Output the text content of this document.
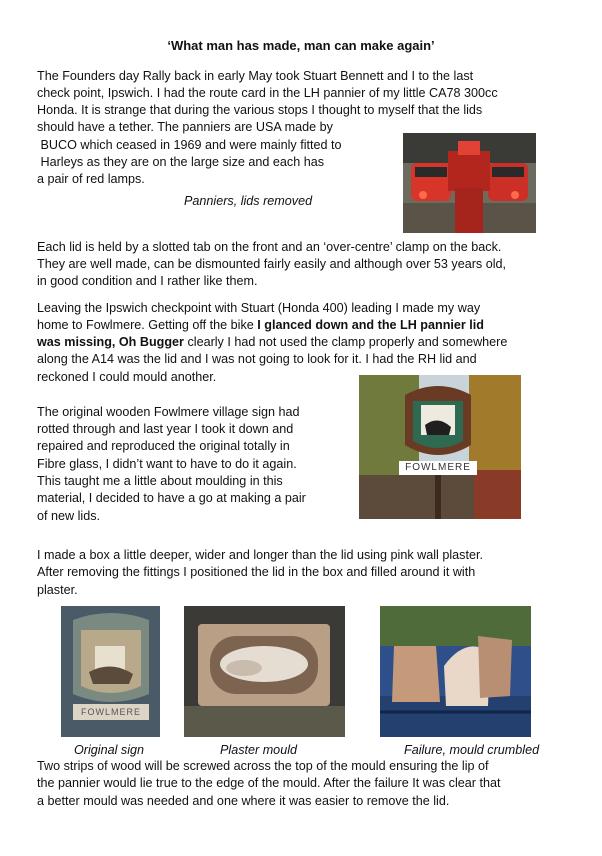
‘What man has made, man can make again’
The Founders day Rally back in early May took Stuart Bennett and I to the last
check point, Ipswich. I had the route card in the LH pannier of my little CA78 300cc
Honda. It is strange that during the various stops I thought to myself that the lids
should have a tether. The panniers are USA made by
BUCO which ceased in 1969 and were mainly fitted to
Harleys as they are on the large size and each has
a pair of red lamps.
Panniers, lids removed
Each lid is held by a slotted tab on the front and an ‘over-centre’ clamp on the back.
They are well made, can be dismounted fairly easily and although over 53 years old,
in good condition and I rather like them.
Leaving the Ipswich checkpoint with Stuart (Honda 400) leading I made my way
home to Fowlmere. Getting off the bike I glanced down and the LH pannier lid
was missing, Oh Bugger clearly I had not used the clamp properly and somewhere
along the A14 was the lid and I was not going to look for it. I had the RH lid and
reckoned I could mould another.
The original wooden Fowlmere village sign had
rotted through and last year I took it down and
repaired and reproduced the original totally in
Fibre glass, I didn’t want to have to do it again.
This taught me a little about moulding in this
material, I decided to have a go at making a pair
of new lids.
FOWLMERE
I made a box a little deeper, wider and longer than the lid using pink wall plaster.
After removing the fittings I positioned the lid in the box and filled around it with
plaster.
FOWLMERE
Original sign	Plaster mould	Failure, mould crumbled
Two strips of wood will be screwed across the top of the mould ensuring the lip of
the pannier would lie true to the edge of the mould. After the failure It was clear that
a better mould was needed and one where it was easier to remove the lid.
